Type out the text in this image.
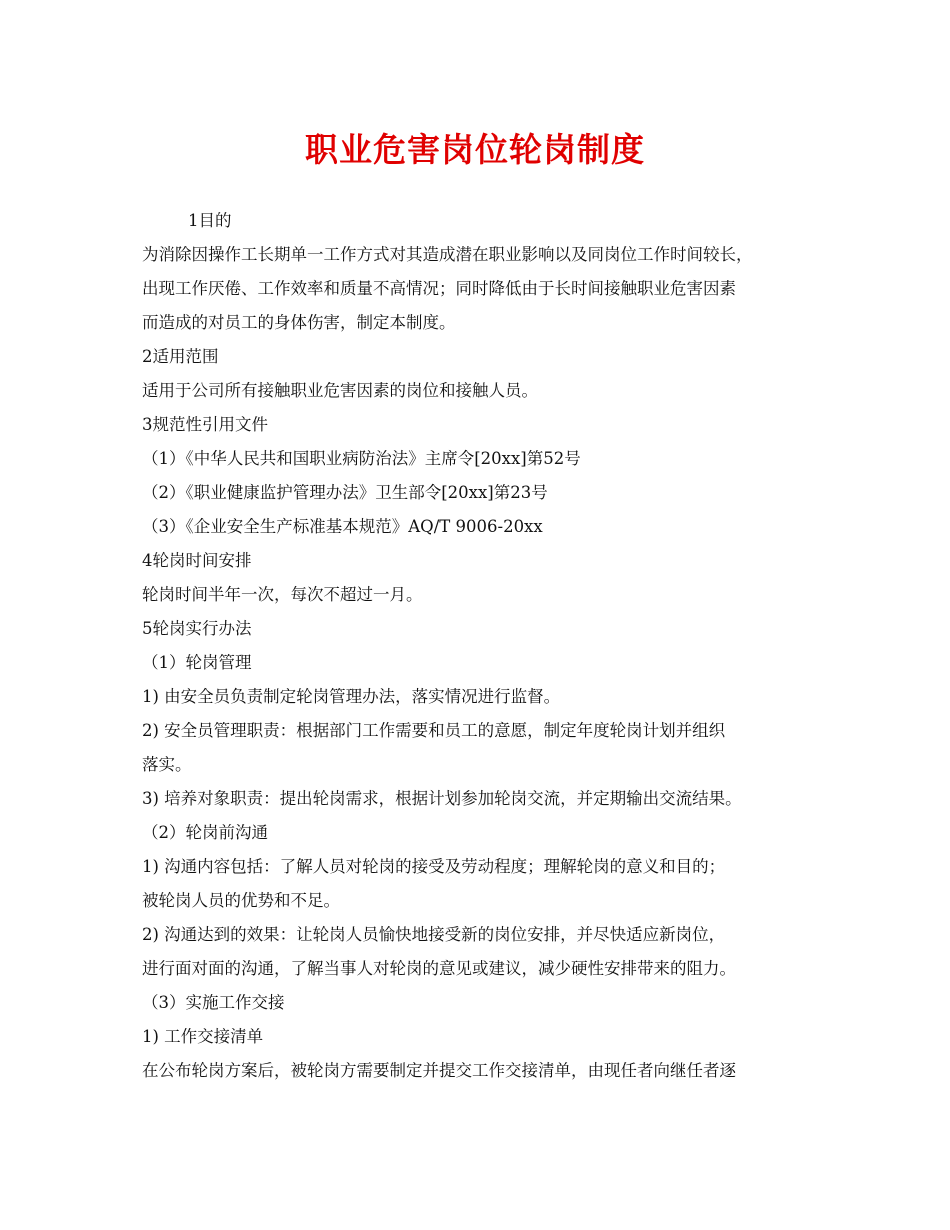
职业危害岗位轮岗制度
1目的
为消除因操作工长期单一工作方式对其造成潜在职业影响以及同岗位工作时间较长，
出现工作厌倦、工作效率和质量不高情况；同时降低由于长时间接触职业危害因素
而造成的对员工的身体伤害，制定本制度。
2适用范围
适用于公司所有接触职业危害因素的岗位和接触人员。
3规范性引用文件
（1）《中华人民共和国职业病防治法》主席令[20xx]第52号
（2）《职业健康监护管理办法》卫生部令[20xx]第23号
（3）《企业安全生产标准基本规范》AQ/T 9006-20xx
4轮岗时间安排
轮岗时间半年一次，每次不超过一月。
5轮岗实行办法
（1）轮岗管理
1) 由安全员负责制定轮岗管理办法，落实情况进行监督。
2) 安全员管理职责：根据部门工作需要和员工的意愿，制定年度轮岗计划并组织
落实。
3) 培养对象职责：提出轮岗需求，根据计划参加轮岗交流，并定期输出交流结果。
（2）轮岗前沟通
1) 沟通内容包括：了解人员对轮岗的接受及劳动程度；理解轮岗的意义和目的；
被轮岗人员的优势和不足。
2) 沟通达到的效果：让轮岗人员愉快地接受新的岗位安排，并尽快适应新岗位，
进行面对面的沟通，了解当事人对轮岗的意见或建议，减少硬性安排带来的阻力。
（3）实施工作交接
1) 工作交接清单
在公布轮岗方案后，被轮岗方需要制定并提交工作交接清单，由现任者向继任者逐
